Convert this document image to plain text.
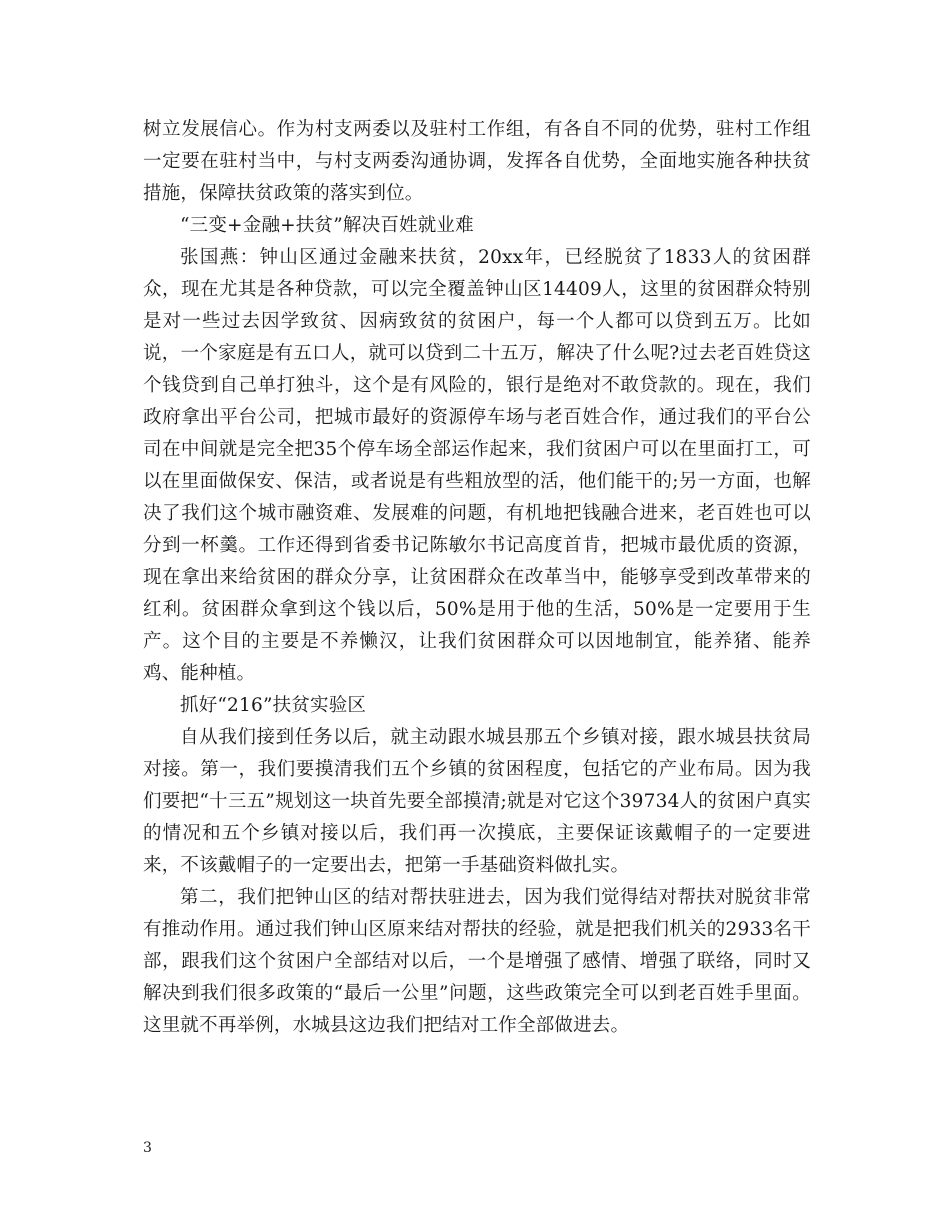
树立发展信心。作为村支两委以及驻村工作组，有各自不同的优势，驻村工作组一定要在驻村当中，与村支两委沟通协调，发挥各自优势，全面地实施各种扶贫措施，保障扶贫政策的落实到位。

“三变+金融+扶贫”解决百姓就业难

张国燕：钟山区通过金融来扶贫，20xx年，已经脱贫了1833人的贫困群众，现在尤其是各种贷款，可以完全覆盖钟山区14409人，这里的贫困群众特别是对一些过去因学致贫、因病致贫的贫困户，每一个人都可以贷到五万。比如说，一个家庭是有五口人，就可以贷到二十五万，解决了什么呢?过去老百姓贷这个钱贷到自己单打独斗，这个是有风险的，银行是绝对不敢贷款的。现在，我们政府拿出平台公司，把城市最好的资源停车场与老百姓合作，通过我们的平台公司在中间就是完全把35个停车场全部运作起来，我们贫困户可以在里面打工，可以在里面做保安、保洁，或者说是有些粗放型的活，他们能干的;另一方面，也解决了我们这个城市融资难、发展难的问题，有机地把钱融合进来，老百姓也可以分到一杯羹。工作还得到省委书记陈敏尔书记高度首肯，把城市最优质的资源，现在拿出来给贫困的群众分享，让贫困群众在改革当中，能够享受到改革带来的红利。贫困群众拿到这个钱以后，50%是用于他的生活，50%是一定要用于生产。这个目的主要是不养懒汉，让我们贫困群众可以因地制宜，能养猪、能养鸡、能种植。

抓好“216”扶贫实验区

自从我们接到任务以后，就主动跟水城县那五个乡镇对接，跟水城县扶贫局对接。第一，我们要摸清我们五个乡镇的贫困程度，包括它的产业布局。因为我们要把“十三五”规划这一块首先要全部摸清;就是对它这个39734人的贫困户真实的情况和五个乡镇对接以后，我们再一次摸底，主要保证该戴帽子的一定要进来，不该戴帽子的一定要出去，把第一手基础资料做扎实。

第二，我们把钟山区的结对帮扶驻进去，因为我们觉得结对帮扶对脱贫非常有推动作用。通过我们钟山区原来结对帮扶的经验，就是把我们机关的2933名干部，跟我们这个贫困户全部结对以后，一个是增强了感情、增强了联络，同时又解决到我们很多政策的“最后一公里”问题，这些政策完全可以到老百姓手里面。这里就不再举例，水城县这边我们把结对工作全部做进去。

3
